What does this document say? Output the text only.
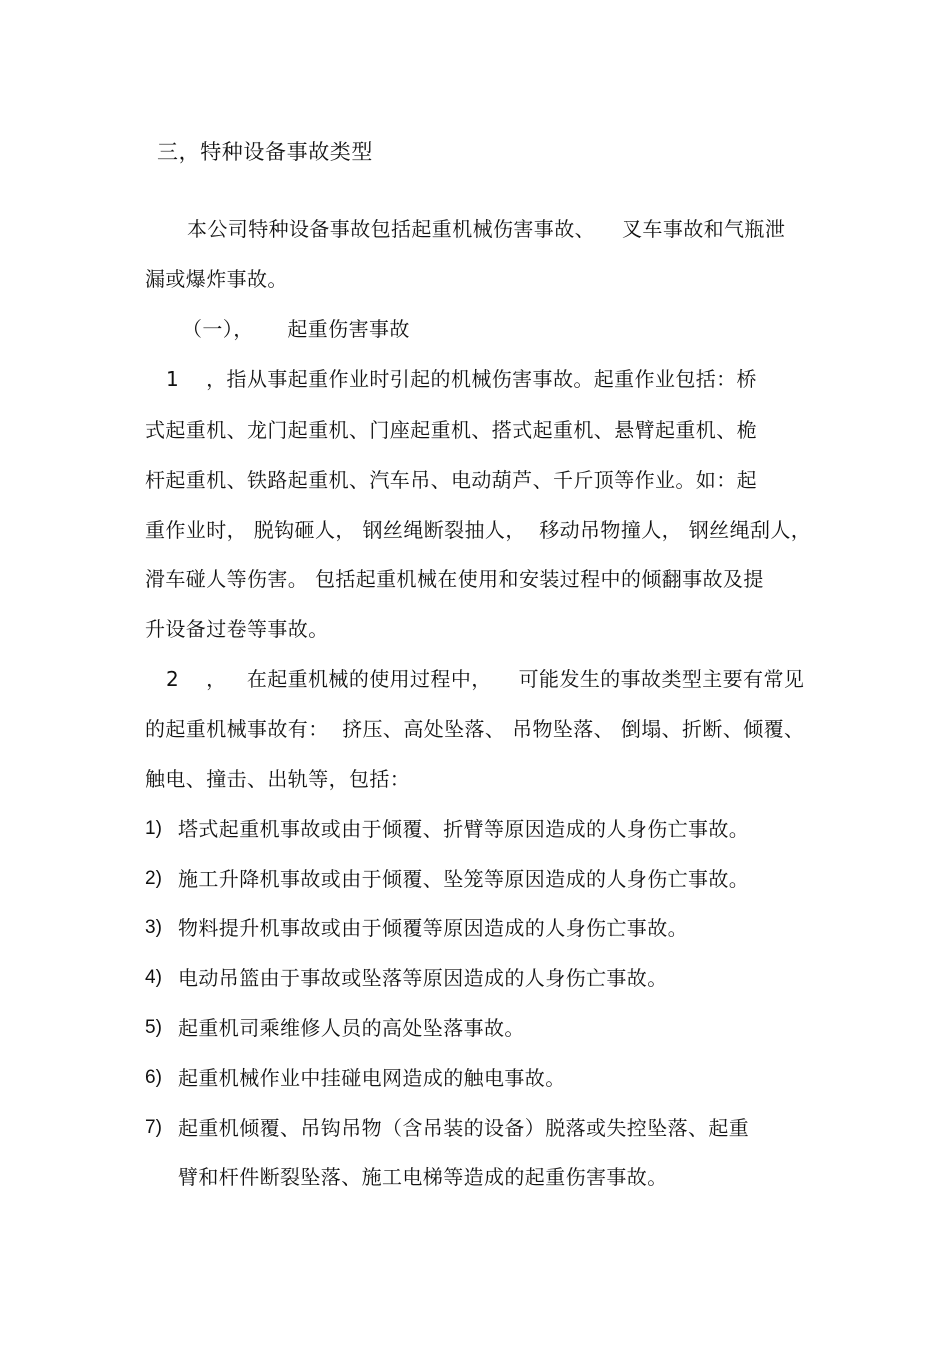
三，特种设备事故类型
本公司特种设备事故包括起重机械伤害事故、    叉车事故和气瓶泄
漏或爆炸事故。
（一），     起重伤害事故
1    ，指从事起重作业时引起的机械伤害事故。起重作业包括：桥
式起重机、龙门起重机、门座起重机、搭式起重机、悬臂起重机、桅
杆起重机、铁路起重机、汽车吊、电动葫芦、千斤顶等作业。如：起
重作业时， 脱钩砸人， 钢丝绳断裂抽人，  移动吊物撞人， 钢丝绳刮人，
滑车碰人等伤害。 包括起重机械在使用和安装过程中的倾翻事故及提
升设备过卷等事故。
2    ，   在起重机械的使用过程中，    可能发生的事故类型主要有常见
的起重机械事故有：  挤压、高处坠落、 吊物坠落、 倒塌、折断、倾覆、
触电、撞击、出轨等，包括：
1) 塔式起重机事故或由于倾覆、折臂等原因造成的人身伤亡事故。
2) 施工升降机事故或由于倾覆、坠笼等原因造成的人身伤亡事故。
3) 物料提升机事故或由于倾覆等原因造成的人身伤亡事故。
4) 电动吊篮由于事故或坠落等原因造成的人身伤亡事故。
5) 起重机司乘维修人员的高处坠落事故。
6) 起重机械作业中挂碰电网造成的触电事故。
7) 起重机倾覆、吊钩吊物（含吊装的设备）脱落或失控坠落、起重
臂和杆件断裂坠落、施工电梯等造成的起重伤害事故。
